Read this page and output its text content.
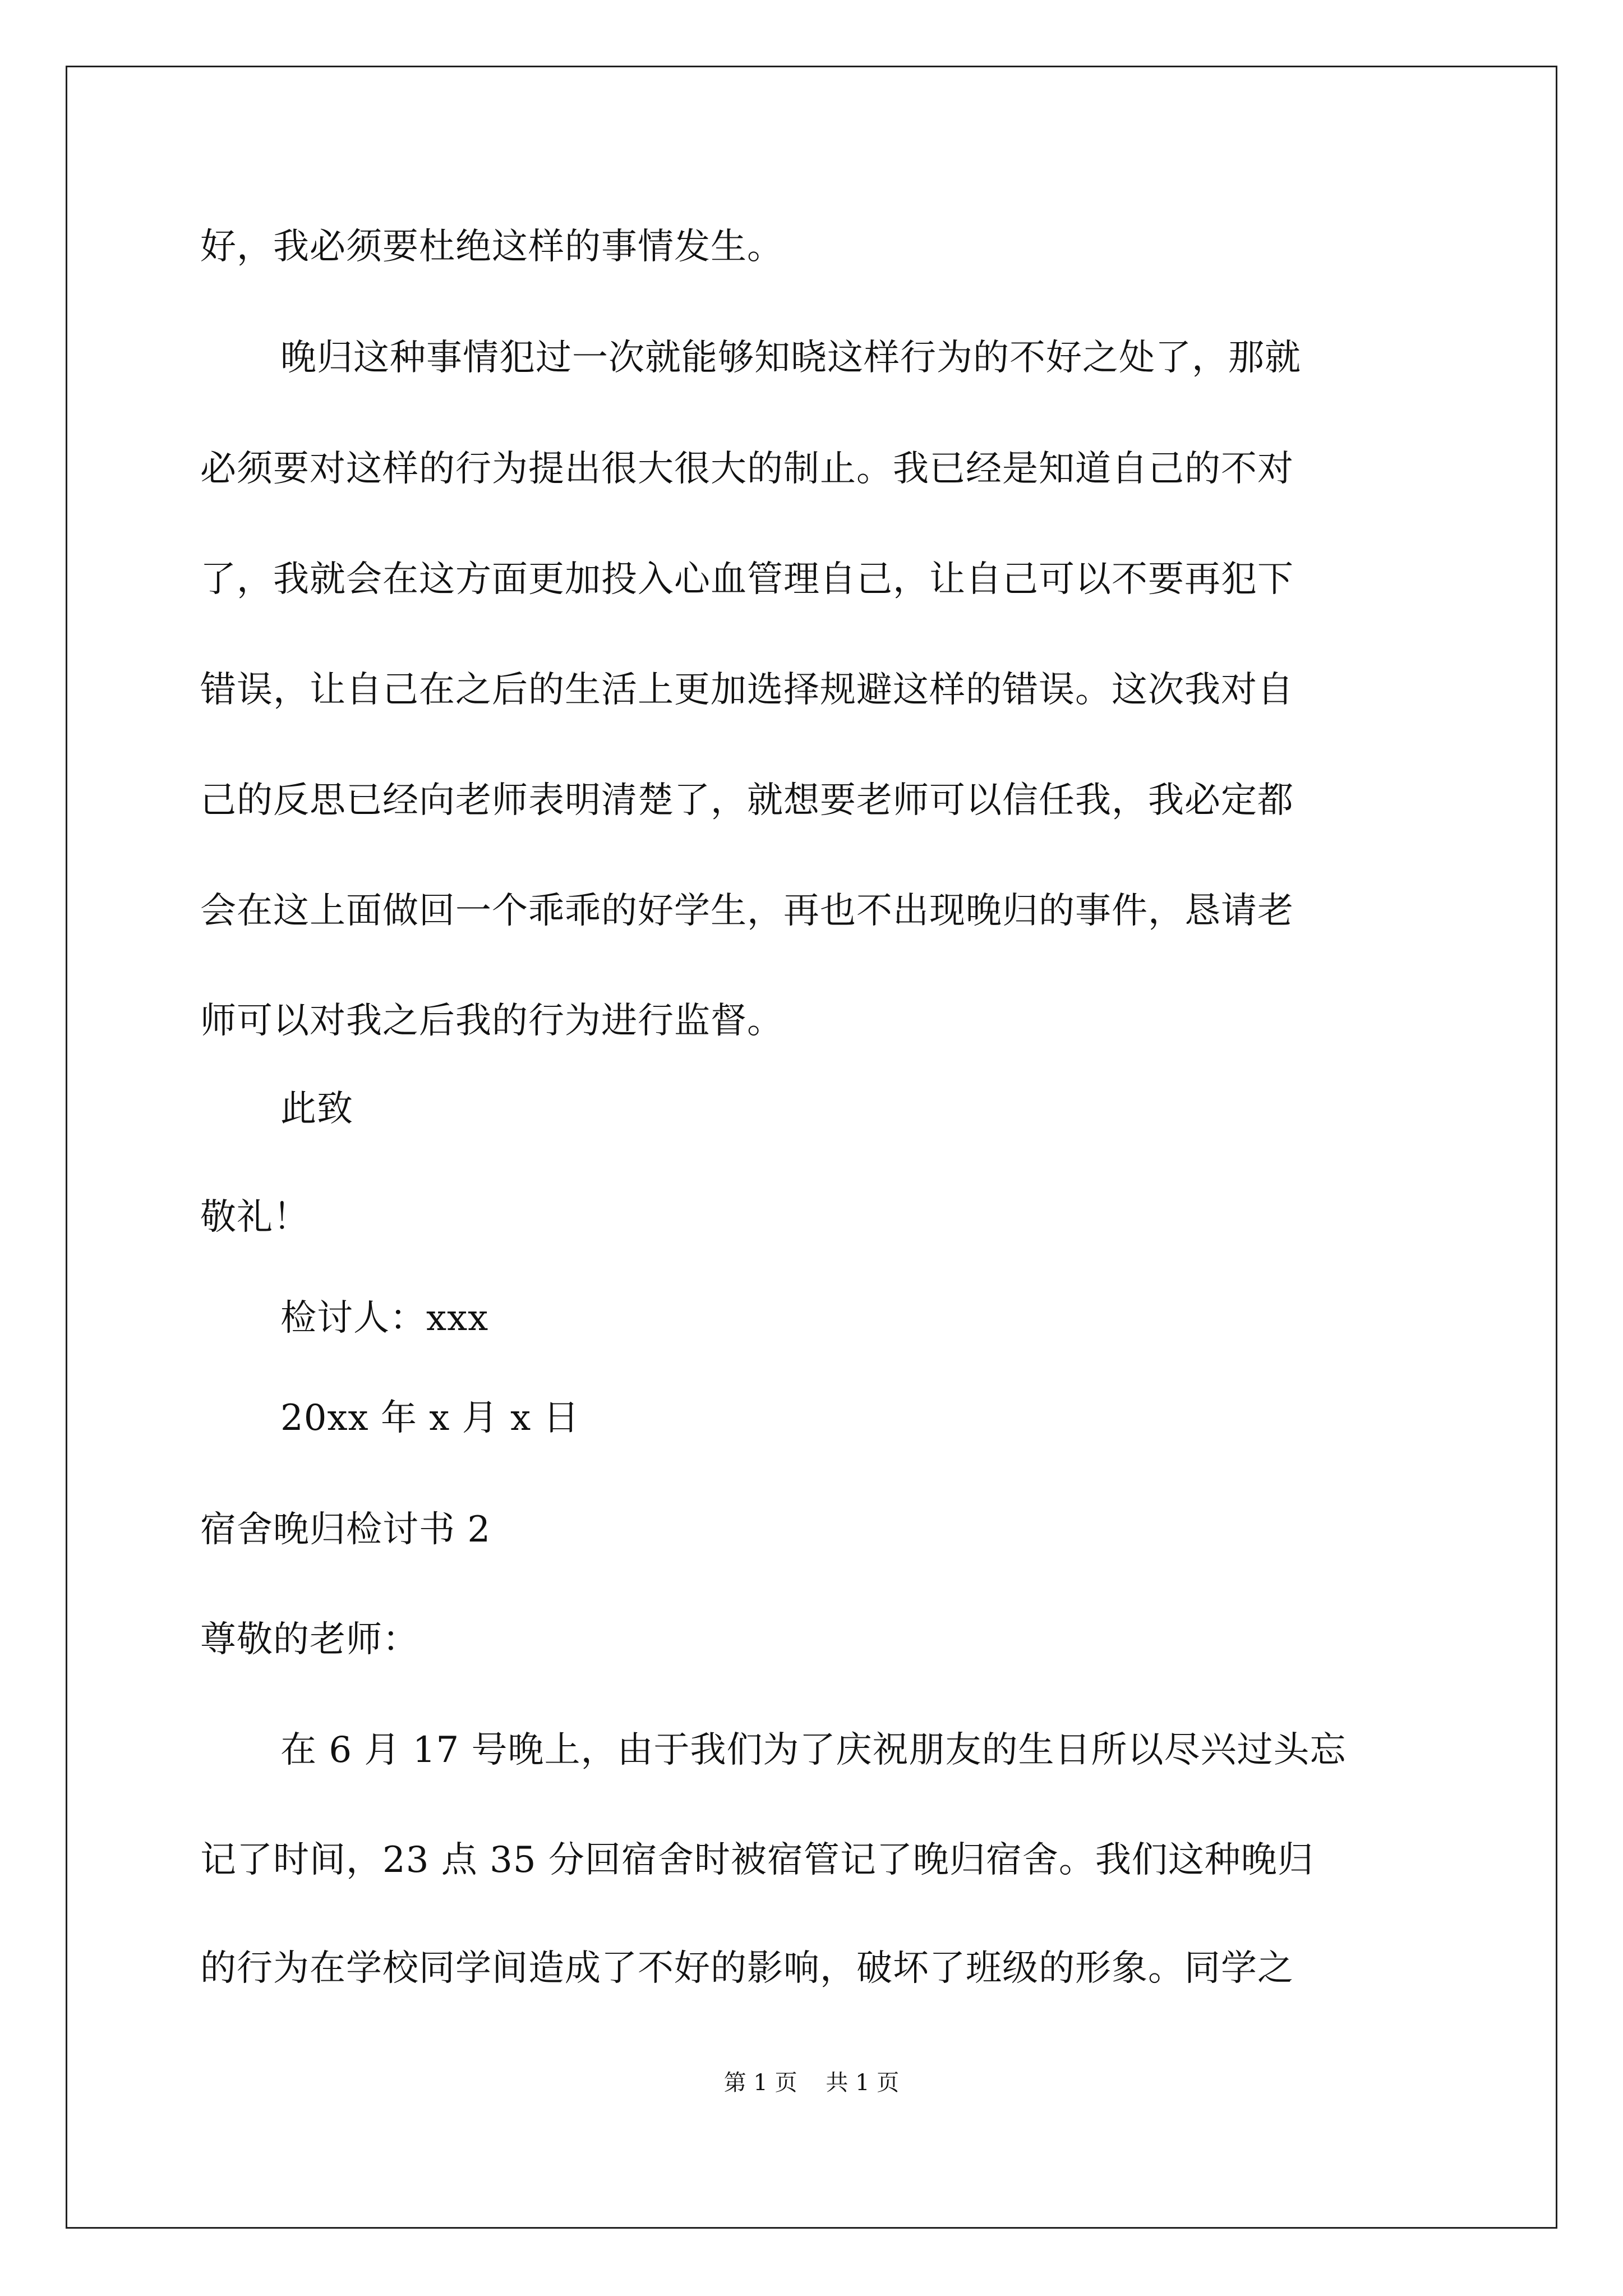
好，我必须要杜绝这样的事情发生。
晚归这种事情犯过一次就能够知晓这样行为的不好之处了，那就
必须要对这样的行为提出很大很大的制止。我已经是知道自己的不对
了，我就会在这方面更加投入心血管理自己，让自己可以不要再犯下
错误，让自己在之后的生活上更加选择规避这样的错误。这次我对自
己的反思已经向老师表明清楚了，就想要老师可以信任我，我必定都
会在这上面做回一个乖乖的好学生，再也不出现晚归的事件，恳请老
师可以对我之后我的行为进行监督。
此致
敬礼！
检讨人：xxx
20xx 年 x 月 x 日
宿舍晚归检讨书 2
尊敬的老师：
在 6 月 17 号晚上，由于我们为了庆祝朋友的生日所以尽兴过头忘
记了时间，23 点 35 分回宿舍时被宿管记了晚归宿舍。我们这种晚归
的行为在学校同学间造成了不好的影响，破坏了班级的形象。同学之
第 1 页    共 1 页
